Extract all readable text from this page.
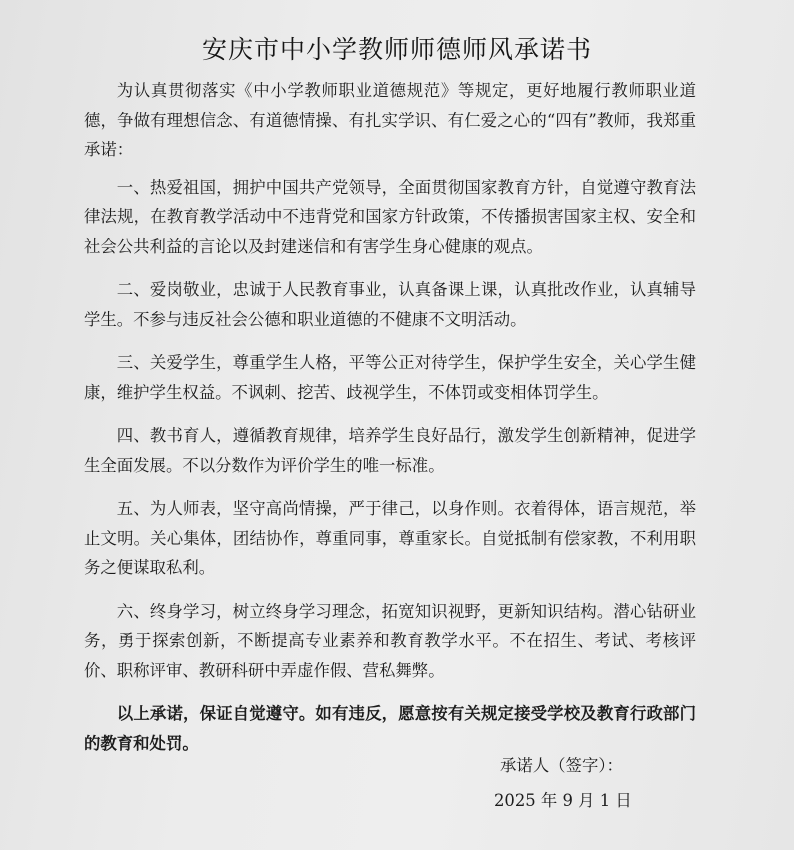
安庆市中小学教师师德师风承诺书

为认真贯彻落实《中小学教师职业道德规范》等规定，更好地履行教师职业道德，争做有理想信念、有道德情操、有扎实学识、有仁爱之心的“四有”教师，我郑重承诺：

一、热爱祖国，拥护中国共产党领导，全面贯彻国家教育方针，自觉遵守教育法律法规，在教育教学活动中不违背党和国家方针政策，不传播损害国家主权、安全和社会公共利益的言论以及封建迷信和有害学生身心健康的观点。

二、爱岗敬业，忠诚于人民教育事业，认真备课上课，认真批改作业，认真辅导学生。不参与违反社会公德和职业道德的不健康不文明活动。

三、关爱学生，尊重学生人格，平等公正对待学生，保护学生安全，关心学生健康，维护学生权益。不讽刺、挖苦、歧视学生，不体罚或变相体罚学生。

四、教书育人，遵循教育规律，培养学生良好品行，激发学生创新精神，促进学生全面发展。不以分数作为评价学生的唯一标准。

五、为人师表，坚守高尚情操，严于律己，以身作则。衣着得体，语言规范，举止文明。关心集体，团结协作，尊重同事，尊重家长。自觉抵制有偿家教，不利用职务之便谋取私利。

六、终身学习，树立终身学习理念，拓宽知识视野，更新知识结构。潜心钻研业务，勇于探索创新，不断提高专业素养和教育教学水平。不在招生、考试、考核评价、职称评审、教研科研中弄虚作假、营私舞弊。

以上承诺，保证自觉遵守。如有违反，愿意按有关规定接受学校及教育行政部门的教育和处罚。

承诺人（签字）：

2025 年 9 月 1 日
